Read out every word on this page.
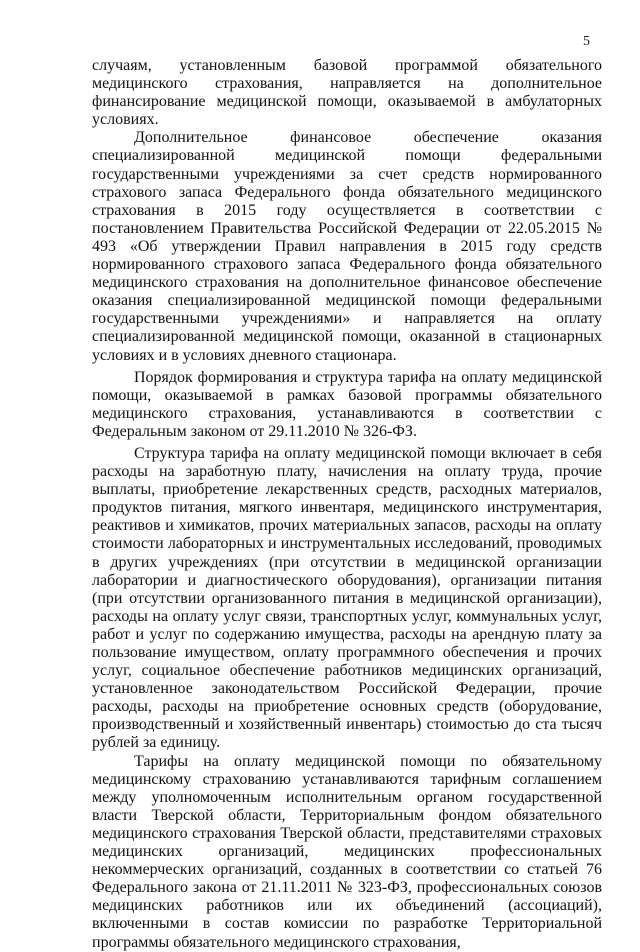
5

случаям, установленным базовой программой обязательного медицинского страхования, направляется на дополнительное финансирование медицинской помощи, оказываемой в амбулаторных условиях.

Дополнительное финансовое обеспечение оказания специализированной медицинской помощи федеральными государственными учреждениями за счет средств нормированного страхового запаса Федерального фонда обязательного медицинского страхования в 2015 году осуществляется в соответствии с постановлением Правительства Российской Федерации от 22.05.2015 № 493 «Об утверждении Правил направления в 2015 году средств нормированного страхового запаса Федерального фонда обязательного медицинского страхования на дополнительное финансовое обеспечение оказания специализированной медицинской помощи федеральными государственными учреждениями» и направляется на оплату специализированной медицинской помощи, оказанной в стационарных условиях и в условиях дневного стационара.

Порядок формирования и структура тарифа на оплату медицинской помощи, оказываемой в рамках базовой программы обязательного медицинского страхования, устанавливаются в соответствии с Федеральным законом от 29.11.2010 № 326-ФЗ.

Структура тарифа на оплату медицинской помощи включает в себя расходы на заработную плату, начисления на оплату труда, прочие выплаты, приобретение лекарственных средств, расходных материалов, продуктов питания, мягкого инвентаря, медицинского инструментария, реактивов и химикатов, прочих материальных запасов, расходы на оплату стоимости лабораторных и инструментальных исследований, проводимых в других учреждениях (при отсутствии в медицинской организации лаборатории и диагностического оборудования), организации питания (при отсутствии организованного питания в медицинской организации), расходы на оплату услуг связи, транспортных услуг, коммунальных услуг, работ и услуг по содержанию имущества, расходы на арендную плату за пользование имуществом, оплату программного обеспечения и прочих услуг, социальное обеспечение работников медицинских организаций, установленное законодательством Российской Федерации, прочие расходы, расходы на приобретение основных средств (оборудование, производственный и хозяйственный инвентарь) стоимостью до ста тысяч рублей за единицу.

Тарифы на оплату медицинской помощи по обязательному медицинскому страхованию устанавливаются тарифным соглашением между уполномоченным исполнительным органом государственной власти Тверской области, Территориальным фондом обязательного медицинского страхования Тверской области, представителями страховых медицинских организаций, медицинских профессиональных некоммерческих организаций, созданных в соответствии со статьей 76 Федерального закона от 21.11.2011 № 323-ФЗ, профессиональных союзов медицинских работников или их объединений (ассоциаций), включенными в состав комиссии по разработке Территориальной программы обязательного медицинского страхования,
